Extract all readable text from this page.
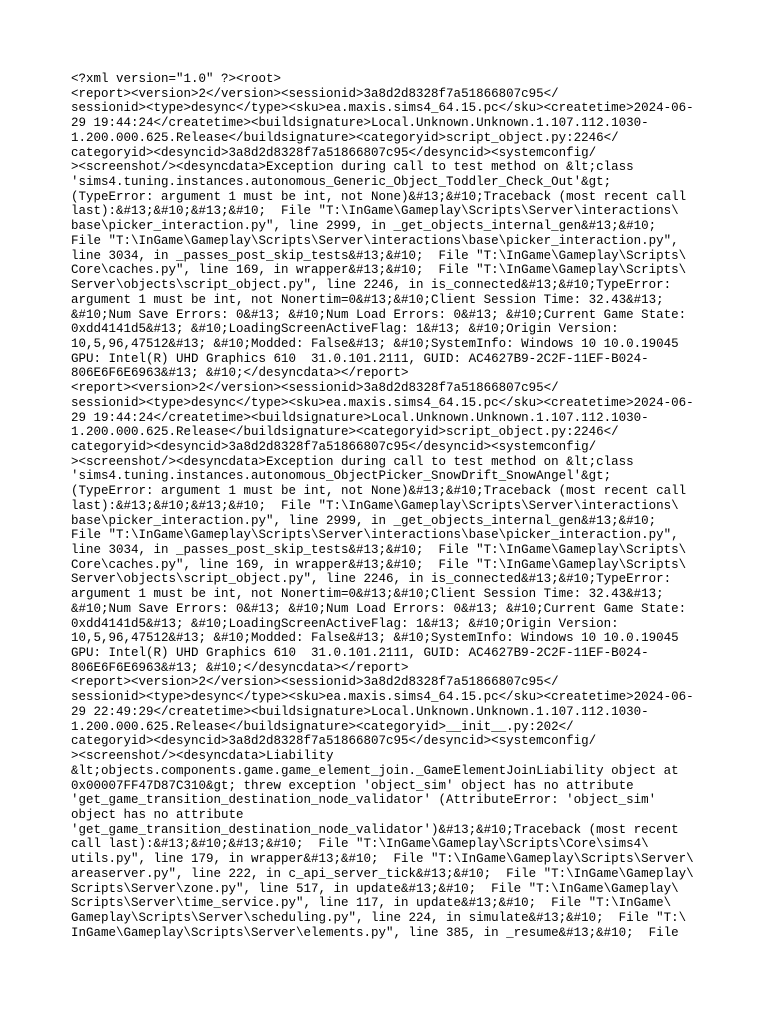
<?xml version="1.0" ?><root>
<report><version>2</version><sessionid>3a8d2d8328f7a51866807c95</
sessionid><type>desync</type><sku>ea.maxis.sims4_64.15.pc</sku><createtime>2024-06-
29 19:44:24</createtime><buildsignature>Local.Unknown.Unknown.1.107.112.1030-
1.200.000.625.Release</buildsignature><categoryid>script_object.py:2246</
categoryid><desyncid>3a8d2d8328f7a51866807c95</desyncid><systemconfig/
><screenshot/><desyncdata>Exception during call to test method on &lt;class
'sims4.tuning.instances.autonomous_Generic_Object_Toddler_Check_Out'&gt;
(TypeError: argument 1 must be int, not None)&#13;&#10;Traceback (most recent call
last):&#13;&#10;&#13;&#10;  File "T:\InGame\Gameplay\Scripts\Server\interactions\
base\picker_interaction.py", line 2999, in _get_objects_internal_gen&#13;&#10;
File "T:\InGame\Gameplay\Scripts\Server\interactions\base\picker_interaction.py",
line 3034, in _passes_post_skip_tests&#13;&#10;  File "T:\InGame\Gameplay\Scripts\
Core\caches.py", line 169, in wrapper&#13;&#10;  File "T:\InGame\Gameplay\Scripts\
Server\objects\script_object.py", line 2246, in is_connected&#13;&#10;TypeError:
argument 1 must be int, not Nonertim=0&#13;&#10;Client Session Time: 32.43&#13;
&#10;Num Save Errors: 0&#13; &#10;Num Load Errors: 0&#13; &#10;Current Game State:
0xdd4141d5&#13; &#10;LoadingScreenActiveFlag: 1&#13; &#10;Origin Version:
10,5,96,47512&#13; &#10;Modded: False&#13; &#10;SystemInfo: Windows 10 10.0.19045
GPU: Intel(R) UHD Graphics 610  31.0.101.2111, GUID: AC4627B9-2C2F-11EF-B024-
806E6F6E6963&#13; &#10;</desyncdata></report>
<report><version>2</version><sessionid>3a8d2d8328f7a51866807c95</
sessionid><type>desync</type><sku>ea.maxis.sims4_64.15.pc</sku><createtime>2024-06-
29 19:44:24</createtime><buildsignature>Local.Unknown.Unknown.1.107.112.1030-
1.200.000.625.Release</buildsignature><categoryid>script_object.py:2246</
categoryid><desyncid>3a8d2d8328f7a51866807c95</desyncid><systemconfig/
><screenshot/><desyncdata>Exception during call to test method on &lt;class
'sims4.tuning.instances.autonomous_ObjectPicker_SnowDrift_SnowAngel'&gt;
(TypeError: argument 1 must be int, not None)&#13;&#10;Traceback (most recent call
last):&#13;&#10;&#13;&#10;  File "T:\InGame\Gameplay\Scripts\Server\interactions\
base\picker_interaction.py", line 2999, in _get_objects_internal_gen&#13;&#10;
File "T:\InGame\Gameplay\Scripts\Server\interactions\base\picker_interaction.py",
line 3034, in _passes_post_skip_tests&#13;&#10;  File "T:\InGame\Gameplay\Scripts\
Core\caches.py", line 169, in wrapper&#13;&#10;  File "T:\InGame\Gameplay\Scripts\
Server\objects\script_object.py", line 2246, in is_connected&#13;&#10;TypeError:
argument 1 must be int, not Nonertim=0&#13;&#10;Client Session Time: 32.43&#13;
&#10;Num Save Errors: 0&#13; &#10;Num Load Errors: 0&#13; &#10;Current Game State:
0xdd4141d5&#13; &#10;LoadingScreenActiveFlag: 1&#13; &#10;Origin Version:
10,5,96,47512&#13; &#10;Modded: False&#13; &#10;SystemInfo: Windows 10 10.0.19045
GPU: Intel(R) UHD Graphics 610  31.0.101.2111, GUID: AC4627B9-2C2F-11EF-B024-
806E6F6E6963&#13; &#10;</desyncdata></report>
<report><version>2</version><sessionid>3a8d2d8328f7a51866807c95</
sessionid><type>desync</type><sku>ea.maxis.sims4_64.15.pc</sku><createtime>2024-06-
29 22:49:29</createtime><buildsignature>Local.Unknown.Unknown.1.107.112.1030-
1.200.000.625.Release</buildsignature><categoryid>__init__.py:202</
categoryid><desyncid>3a8d2d8328f7a51866807c95</desyncid><systemconfig/
><screenshot/><desyncdata>Liability
&lt;objects.components.game.game_element_join._GameElementJoinLiability object at
0x00007FF47D87C310&gt; threw exception 'object_sim' object has no attribute
'get_game_transition_destination_node_validator' (AttributeError: 'object_sim'
object has no attribute
'get_game_transition_destination_node_validator')&#13;&#10;Traceback (most recent
call last):&#13;&#10;&#13;&#10;  File "T:\InGame\Gameplay\Scripts\Core\sims4\
utils.py", line 179, in wrapper&#13;&#10;  File "T:\InGame\Gameplay\Scripts\Server\
areaserver.py", line 222, in c_api_server_tick&#13;&#10;  File "T:\InGame\Gameplay\
Scripts\Server\zone.py", line 517, in update&#13;&#10;  File "T:\InGame\Gameplay\
Scripts\Server\time_service.py", line 117, in update&#13;&#10;  File "T:\InGame\
Gameplay\Scripts\Server\scheduling.py", line 224, in simulate&#13;&#10;  File "T:\
InGame\Gameplay\Scripts\Server\elements.py", line 385, in _resume&#13;&#10;  File
